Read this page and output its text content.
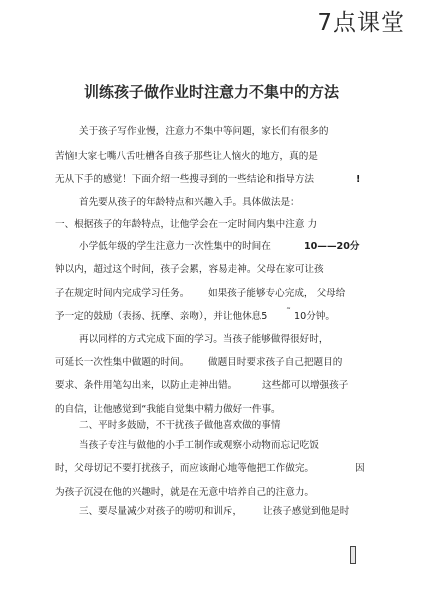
7点课堂
训练孩子做作业时注意力不集中的方法
关于孩子写作业慢，注意力不集中等问题，家长们有很多的
苦恼!大家七嘴八舌吐槽各自孩子那些让人恼火的地方，真的是
无从下手的感觉！下面介绍一些搜寻到的一些结论和指导方法	!
首先要从孩子的年龄特点和兴趣入手。具体做法是：
一、根据孩子的年龄特点，让他学会在一定时间内集中注意 力
小学低年级的学生注意力一次性集中的时间在	10——20分
钟以内，超过这个时间，孩子会累，容易走神。父母在家可让孩
子在规定时间内完成学习任务。 如果孩子能够专心完成， 父母给
予一定的鼓励（表扬、抚摩、亲吻），并让他休息5 ˜ 10分钟。
再以同样的方式完成下面的学习。当孩子能够做得很好时，
可延长一次性集中做题的时间。 做题目时要求孩子自己把题目的
要求、条件用笔勾出来，以防止走神出错。	这些都可以增强孩子
的自信，让他感觉到“我能自觉集中精力做好一件事。
二、平时多鼓励，不干扰孩子做他喜欢做的事情
当孩子专注与做他的小手工制作或观察小动物而忘记吃饭
时，父母切记不要打扰孩子，而应该耐心地等他把工作做完。	因
为孩子沉浸在他的兴趣时，就是在无意中培养自己的注意力。
三、要尽量减少对孩子的唠叨和训斥， 让孩子感觉到他是时
